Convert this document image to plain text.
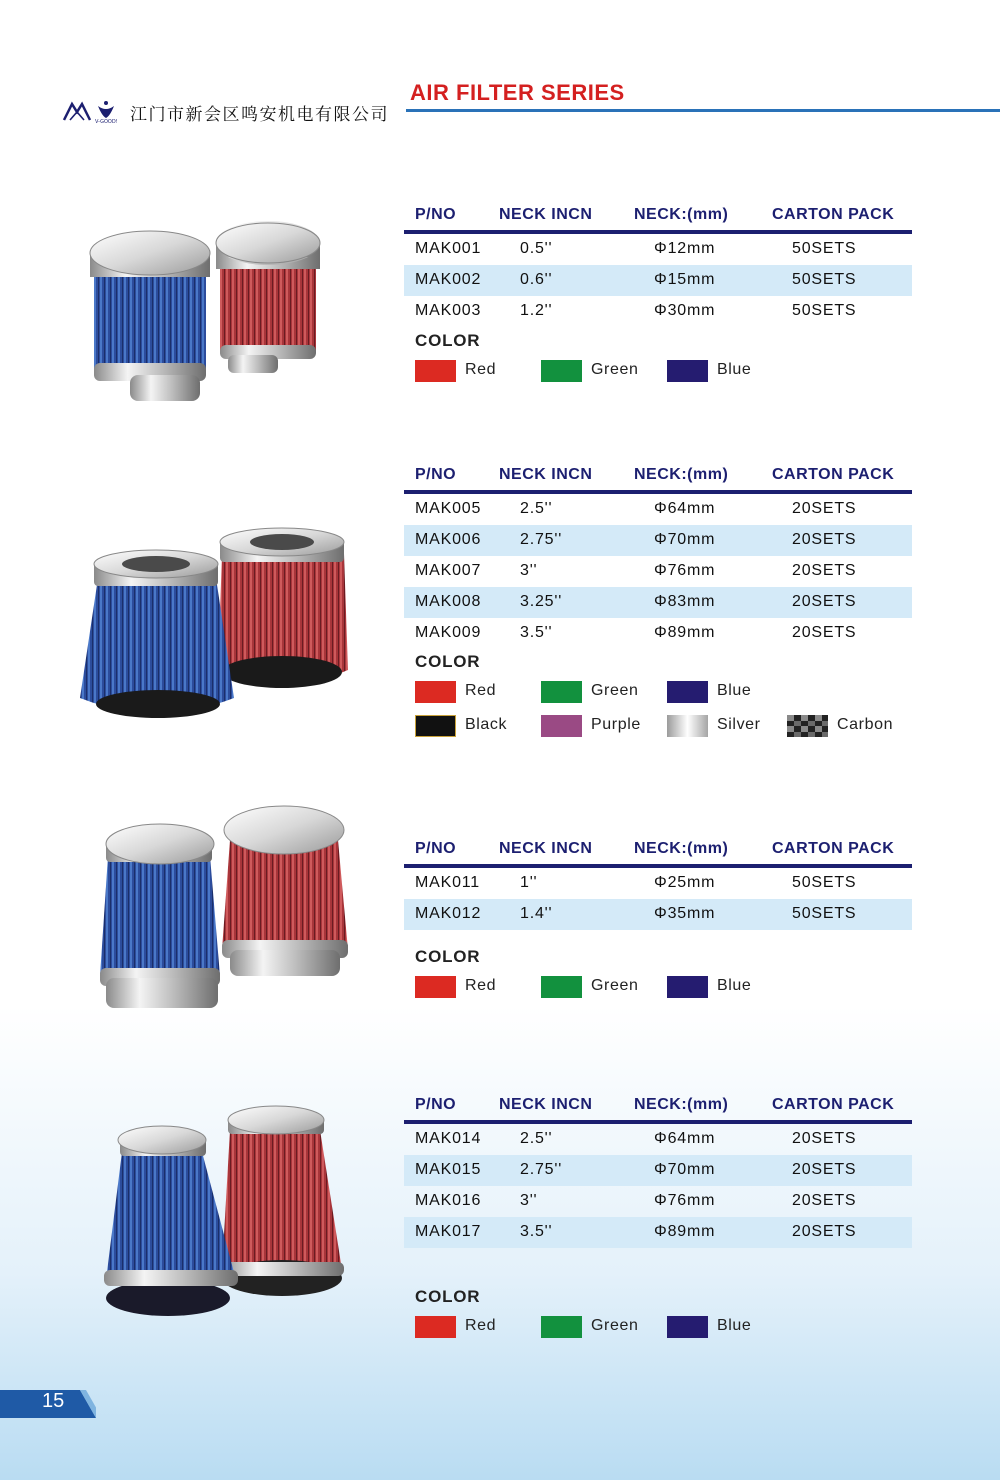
V-GOOD! 江门市新会区鸣安机电有限公司
AIR FILTER SERIES
P/NO	NECK INCN	NECK:(mm)	CARTON PACK
MAK001 0.5''	Φ12mm	50SETS
MAK002 0.6''	Φ15mm	50SETS
MAK003 1.2''	Φ30mm	50SETS
COLOR
Red	Green	Blue
P/NO	NECK INCN	NECK:(mm)	CARTON PACK
MAK005 2.5''	Φ64mm	20SETS
MAK006 2.75''	Φ70mm	20SETS
MAK007 3''	Φ76mm	20SETS
MAK008 3.25''	Φ83mm	20SETS
MAK009 3.5''	Φ89mm	20SETS
COLOR
Red	Green	Blue
Black	Purple	Silver	Carbon
P/NO	NECK INCN	NECK:(mm)	CARTON PACK
MAK011	1''	Φ25mm	50SETS
MAK012 1.4''	Φ35mm	50SETS
COLOR
Red	Green	Blue
P/NO	NECK INCN	NECK:(mm)	CARTON PACK
MAK014 2.5''	Φ64mm	20SETS
MAK015 2.75''	Φ70mm	20SETS
MAK016 3''	Φ76mm	20SETS
MAK017 3.5''	Φ89mm	20SETS
COLOR
Red	Green	Blue
15
